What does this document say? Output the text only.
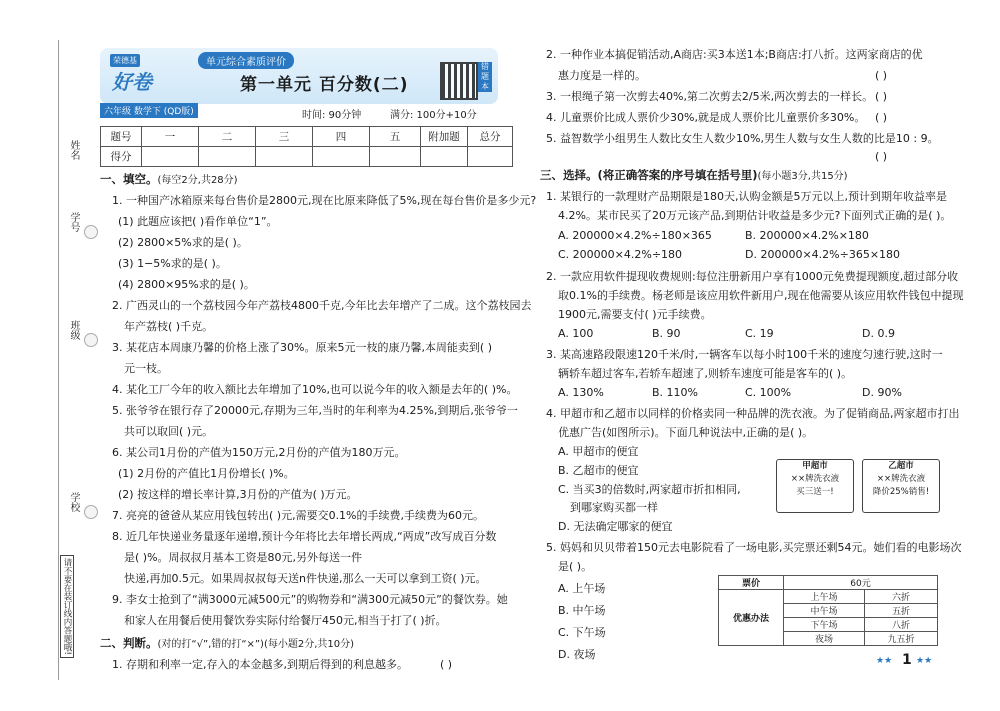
姓名
学号
班级
学校
请不要在装订线内答题哦!
荣德基
好卷
单元综合素质评价
第一单元 百分数(二)
六年级 数学下 (QD版)	时间: 90分钟	满分: 100分+10分
错题本
题号	一	二	三	四	五	附加题	总分
得分							
一、填空。(每空2分,共28分)
1. 一种国产冰箱原来每台售价是2800元,现在比原来降低了5%,现在每台售价是多少元?
(1) 此题应该把( )看作单位“1”。
(2) 2800×5%求的是( )。
(3) 1−5%求的是( )。
(4) 2800×95%求的是( )。
2. 广西灵山的一个荔枝园今年产荔枝4800千克,今年比去年增产了二成。这个荔枝园去
年产荔枝( )千克。
3. 某花店本周康乃馨的价格上涨了30%。原来5元一枝的康乃馨,本周能卖到( )
元一枝。
4. 某化工厂今年的收入额比去年增加了10%,也可以说今年的收入额是去年的( )%。
5. 张爷爷在银行存了20000元,存期为三年,当时的年利率为4.25%,到期后,张爷爷一
共可以取回( )元。
6. 某公司1月份的产值为150万元,2月份的产值为180万元。
(1) 2月份的产值比1月份增长( )%。
(2) 按这样的增长率计算,3月份的产值为( )万元。
7. 亮亮的爸爸从某应用钱包转出( )元,需要交0.1%的手续费,手续费为60元。
8. 近几年快递业务量逐年递增,预计今年将比去年增长两成,“两成”改写成百分数
是( )%。周叔叔月基本工资是80元,另外每送一件
快递,再加0.5元。如果周叔叔每天送n件快递,那么一天可以拿到工资( )元。
9. 李女士抢到了“满3000元减500元”的购物券和“满300元减50元”的餐饮券。她
和家人在用餐后使用餐饮券实际付给餐厅450元,相当于打了( )折。
二、判断。(对的打“√”,错的打“×”)(每小题2分,共10分)
1. 存期和利率一定,存入的本金越多,到期后得到的利息越多。	( )
2. 一种作业本搞促销活动,A商店:买3本送1本;B商店:打八折。这两家商店的优
惠力度是一样的。	( )
3. 一根绳子第一次剪去40%,第二次剪去2/5米,两次剪去的一样长。 ( )
4. 儿童票价比成人票价少30%,就是成人票价比儿童票价多30%。 ( )
5. 益智数学小组男生人数比女生人数少10%,男生人数与女生人数的比是10 : 9。
( )
三、选择。(将正确答案的序号填在括号里)(每小题3分,共15分)
1. 某银行的一款理财产品期限是180天,认购金额是5万元以上,预计到期年收益率是
4.2%。某市民买了20万元该产品,到期估计收益是多少元?下面列式正确的是( )。
A. 200000×4.2%÷180×365	B. 200000×4.2%×180
C. 200000×4.2%÷180	D. 200000×4.2%÷365×180
2. 一款应用软件提现收费规则:每位注册新用户享有1000元免费提现额度,超过部分收
取0.1%的手续费。杨老师是该应用软件新用户,现在他需要从该应用软件钱包中提现
1900元,需要支付( )元手续费。
A. 100	B. 90	C. 19	D. 0.9
3. 某高速路段限速120千米/时,一辆客车以每小时100千米的速度匀速行驶,这时一
辆轿车超过客车,若轿车超速了,则轿车速度可能是客车的( )。
A. 130%	B. 110%	C. 100%	D. 90%
4. 甲超市和乙超市以同样的价格卖同一种品牌的洗衣液。为了促销商品,两家超市打出
优惠广告(如图所示)。下面几种说法中,正确的是( )。
A. 甲超市的便宜
B. 乙超市的便宜
C. 当买3的倍数时,两家超市折扣相同,
到哪家购买都一样
D. 无法确定哪家的便宜
甲超市
××牌洗衣液
买三送一!
乙超市
××牌洗衣液
降价25%销售!
5. 妈妈和贝贝带着150元去电影院看了一场电影,买完票还剩54元。她们看的电影场次
是( )。
A. 上午场
B. 中午场
C. 下午场
D. 夜场
票价	60元	
优惠办法	上午场	六折
	中午场	五折
	下午场	八折
	夜场	九五折
★★ 1 ★★
